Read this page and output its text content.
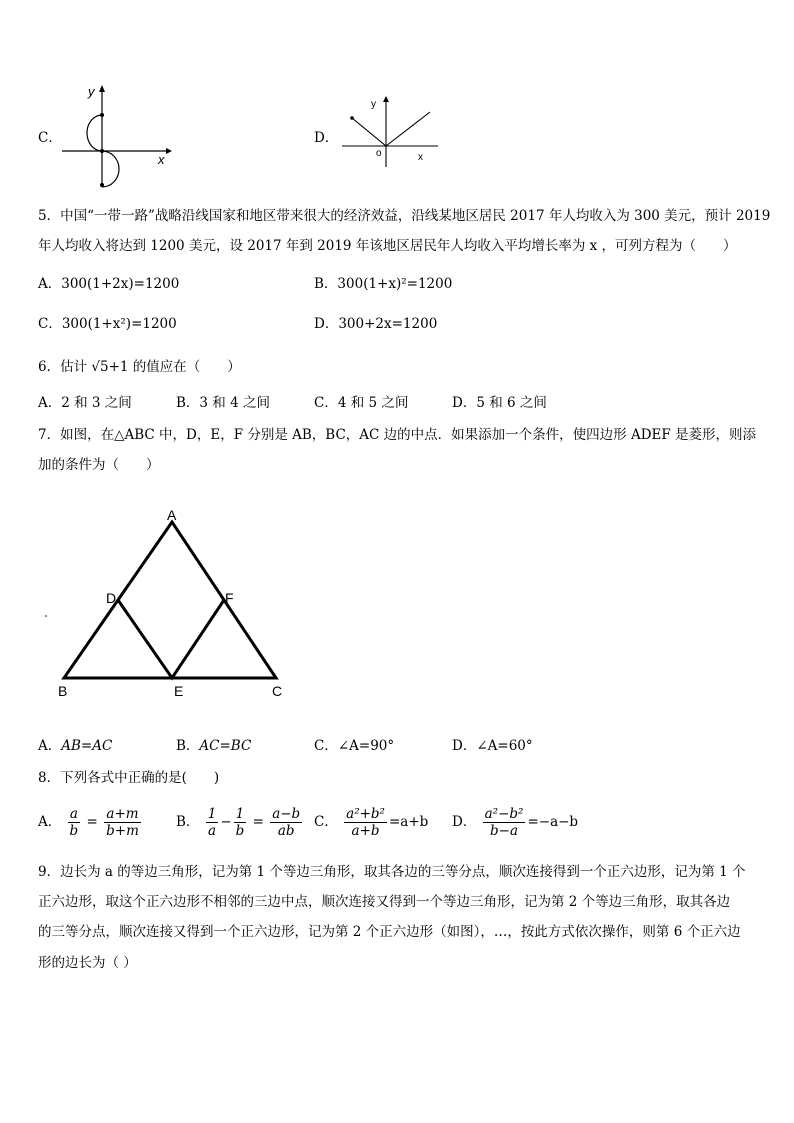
C．
y
x
D．
y
x
o
5．中国“一带一路”战略沿线国家和地区带来很大的经济效益，沿线某地区居民 2017 年人均收入为 300 美元，预计 2019
年人均收入将达到 1200 美元，设 2017 年到 2019 年该地区居民年人均收入平均增长率为 x ，可列方程为（　　）
A．300(1+2x)=1200	B．300(1+x)²=1200
C．300(1+x²)=1200	D．300+2x=1200
6．估计 √5+1 的值应在（　　）
A．2 和 3 之间	B．3 和 4 之间	C．4 和 5 之间	D．5 和 6 之间
7．如图，在△ABC 中，D，E，F 分别是 AB，BC，AC 边的中点．如果添加一个条件，使四边形 ADEF 是菱形，则添
加的条件为（　　）
A
B	C
D
E
F
A．AB=AC	B．AC=BC	C．∠A=90°	D．∠A=60°
8．下列各式中正确的是(　　)
A． $\frac{a}{b} = \frac{a+m}{b+m}$	B． $\frac{1}{a} - \frac{1}{b} = \frac{a-b}{ab}$ C． $\frac{\text{a²+b²}}{a+b} =a+b$ D． $\frac{\text{a²−b²}}{b-a} =-a-b$
9．边长为 a 的等边三角形，记为第 1 个等边三角形，取其各边的三等分点，顺次连接得到一个正六边形，记为第 1 个
正六边形，取这个正六边形不相邻的三边中点，顺次连接又得到一个等边三角形，记为第 2 个等边三角形，取其各边
的三等分点，顺次连接又得到一个正六边形，记为第 2 个正六边形（如图），…，按此方式依次操作，则第 6 个正六边
形的边长为（ ）
